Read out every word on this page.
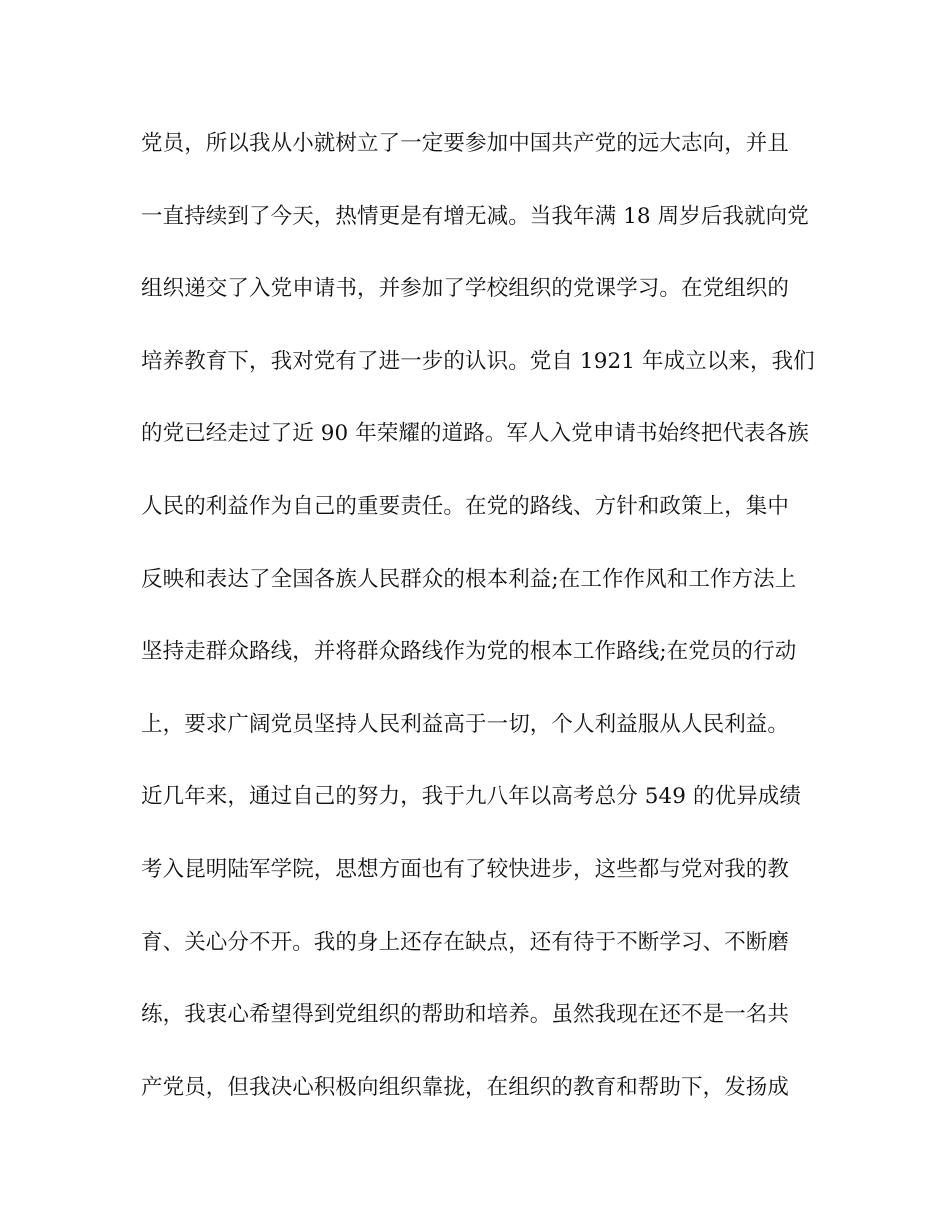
党员，所以我从小就树立了一定要参加中国共产党的远大志向，并且
一直持续到了今天，热情更是有增无减。当我年满 18 周岁后我就向党
组织递交了入党申请书，并参加了学校组织的党课学习。在党组织的
培养教育下，我对党有了进一步的认识。党自 1921 年成立以来，我们
的党已经走过了近 90 年荣耀的道路。军人入党申请书始终把代表各族
人民的利益作为自己的重要责任。在党的路线、方针和政策上，集中
反映和表达了全国各族人民群众的根本利益;在工作作风和工作方法上
坚持走群众路线，并将群众路线作为党的根本工作路线;在党员的行动
上，要求广阔党员坚持人民利益高于一切，个人利益服从人民利益。
近几年来，通过自己的努力，我于九八年以高考总分 549 的优异成绩
考入昆明陆军学院，思想方面也有了较快进步，这些都与党对我的教
育、关心分不开。我的身上还存在缺点，还有待于不断学习、不断磨
练，我衷心希望得到党组织的帮助和培养。虽然我现在还不是一名共
产党员，但我决心积极向组织靠拢，在组织的教育和帮助下，发扬成
